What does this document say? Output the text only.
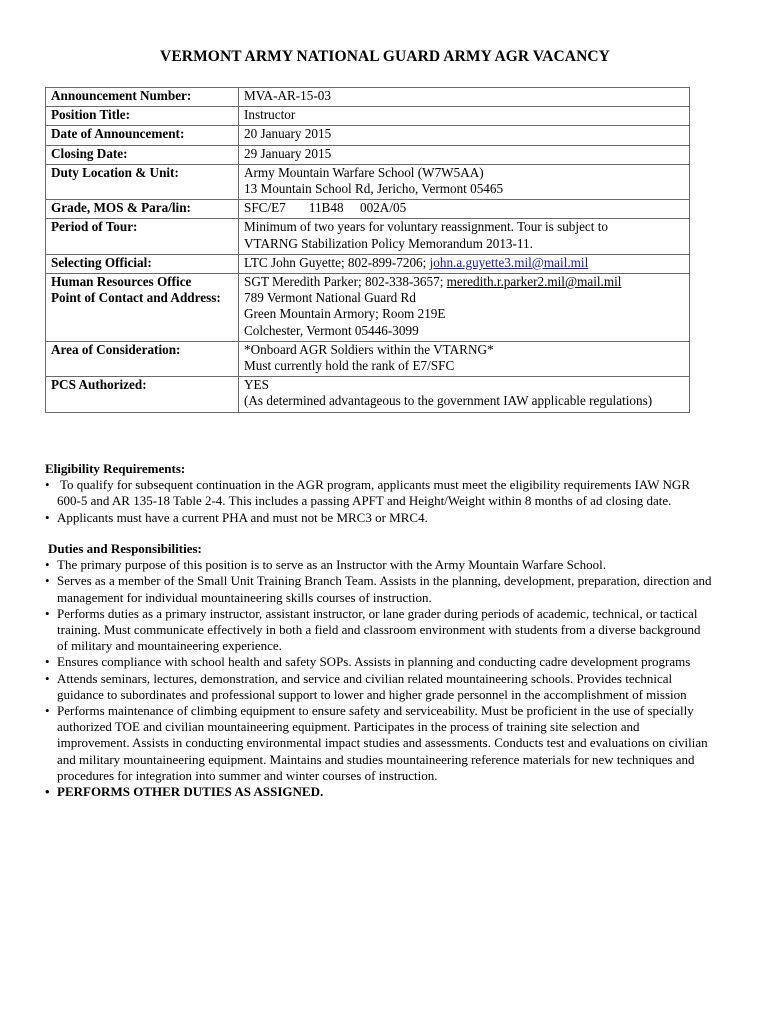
VERMONT ARMY NATIONAL GUARD ARMY AGR VACANCY
Announcement Number:	MVA-AR-15-03
Position Title:	Instructor
Date of Announcement:	20 January 2015
Closing Date:	29 January 2015
Duty Location & Unit:	Army Mountain Warfare School (W7W5AA)
13 Mountain School Rd, Jericho, Vermont 05465

Grade, MOS & Para/lin:	SFC/E7       11B48     002A/05

Period of Tour:	Minimum of two years for voluntary reassignment. Tour is subject to
VTARNG Stabilization Policy Memorandum 2013-11.

Selecting Official:	LTC John Guyette; 802-899-7206; john.a.guyette3.mil@mail.mil

Human Resources Office
Point of Contact and Address:	SGT Meredith Parker; 802-338-3657; meredith.r.parker2.mil@mail.mil
789 Vermont National Guard Rd
Green Mountain Armory; Room 219E
Colchester, Vermont 05446-3099

Area of Consideration:	*Onboard AGR Soldiers within the VTARNG*
Must currently hold the rank of E7/SFC

PCS Authorized:	YES
(As determined advantageous to the government IAW applicable regulations)
Eligibility Requirements:
• To qualify for subsequent continuation in the AGR program, applicants must meet the eligibility requirements IAW NGR
600-5 and AR 135-18 Table 2-4. This includes a passing APFT and Height/Weight within 8 months of ad closing date.
• Applicants must have a current PHA and must not be MRC3 or MRC4.
Duties and Responsibilities:
• The primary purpose of this position is to serve as an Instructor with the Army Mountain Warfare School.
• Serves as a member of the Small Unit Training Branch Team. Assists in the planning, development, preparation, direction and
management for individual mountaineering skills courses of instruction.
• Performs duties as a primary instructor, assistant instructor, or lane grader during periods of academic, technical, or tactical
training. Must communicate effectively in both a field and classroom environment with students from a diverse background
of military and mountaineering experience.
• Ensures compliance with school health and safety SOPs. Assists in planning and conducting cadre development programs
• Attends seminars, lectures, demonstration, and service and civilian related mountaineering schools. Provides technical
guidance to subordinates and professional support to lower and higher grade personnel in the accomplishment of mission
• Performs maintenance of climbing equipment to ensure safety and serviceability. Must be proficient in the use of specially
authorized TOE and civilian mountaineering equipment. Participates in the process of training site selection and
improvement. Assists in conducting environmental impact studies and assessments. Conducts test and evaluations on civilian
and military mountaineering equipment. Maintains and studies mountaineering reference materials for new techniques and
procedures for integration into summer and winter courses of instruction.
• PERFORMS OTHER DUTIES AS ASSIGNED.
